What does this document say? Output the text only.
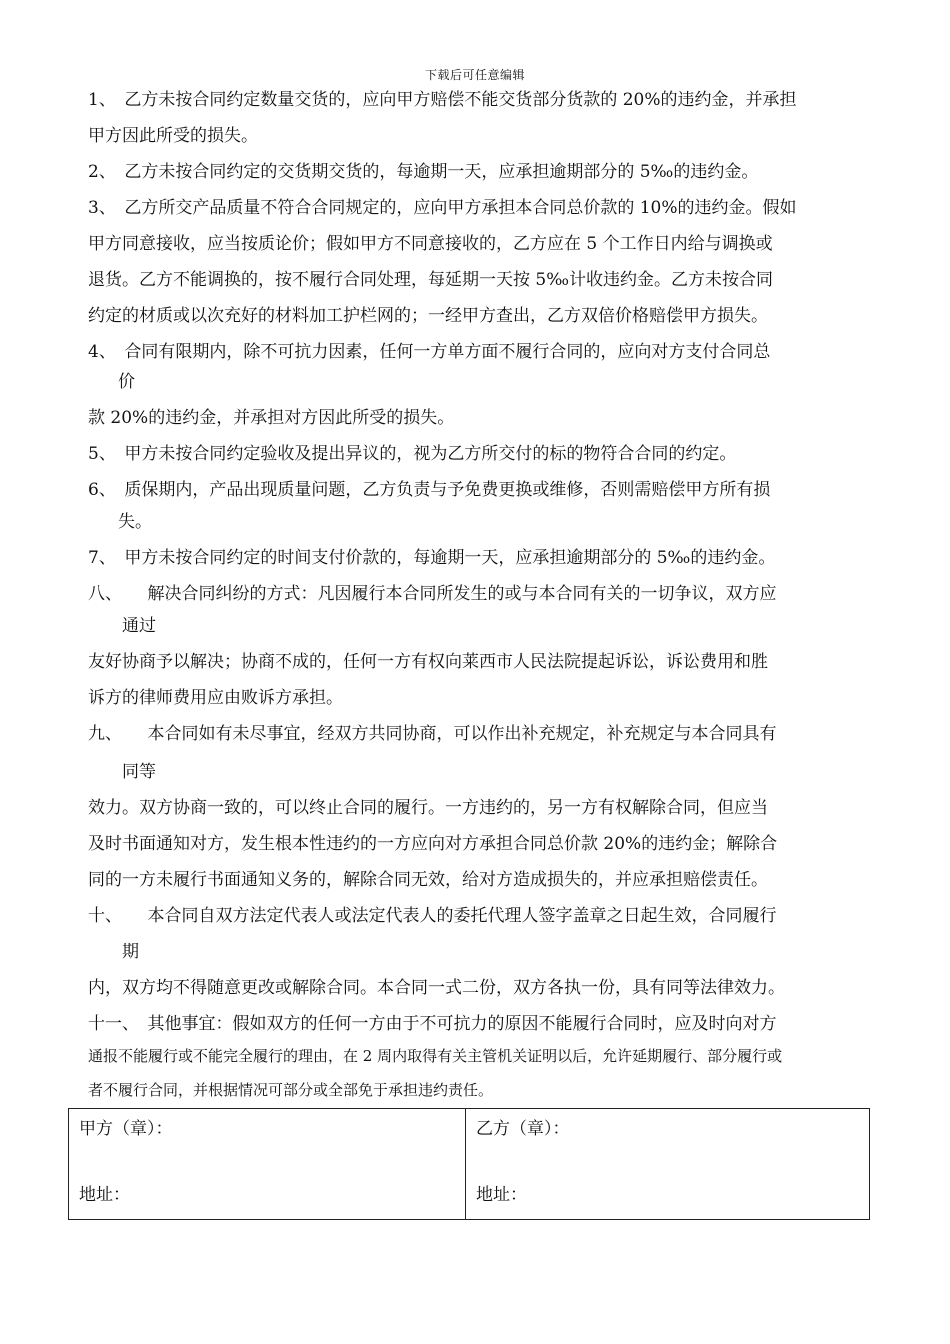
下载后可任意编辑
1、　乙方未按合同约定数量交货的，应向甲方赔偿不能交货部分货款的 20%的违约金，并承担
甲方因此所受的损失。
2、　乙方未按合同约定的交货期交货的，每逾期一天，应承担逾期部分的 5‰的违约金。
3、　乙方所交产品质量不符合合同规定的，应向甲方承担本合同总价款的 10%的违约金。假如
甲方同意接收，应当按质论价；假如甲方不同意接收的，乙方应在 5 个工作日内给与调换或
退货。乙方不能调换的，按不履行合同处理，每延期一天按 5‰计收违约金。乙方未按合同
约定的材质或以次充好的材料加工护栏网的；一经甲方查出，乙方双倍价格赔偿甲方损失。
4、　合同有限期内，除不可抗力因素，任何一方单方面不履行合同的，应向对方支付合同总
价
款 20%的违约金，并承担对方因此所受的损失。
5、　甲方未按合同约定验收及提出异议的，视为乙方所交付的标的物符合合同的约定。
6、　质保期内，产品出现质量问题，乙方负责与予免费更换或维修，否则需赔偿甲方所有损
失。
7、　甲方未按合同约定的时间支付价款的，每逾期一天，应承担逾期部分的 5‰的违约金。
八、　　解决合同纠纷的方式：凡因履行本合同所发生的或与本合同有关的一切争议，双方应
通过
友好协商予以解决；协商不成的，任何一方有权向莱西市人民法院提起诉讼，诉讼费用和胜
诉方的律师费用应由败诉方承担。
九、　　本合同如有未尽事宜，经双方共同协商，可以作出补充规定，补充规定与本合同具有
同等
效力。双方协商一致的，可以终止合同的履行。一方违约的，另一方有权解除合同，但应当
及时书面通知对方，发生根本性违约的一方应向对方承担合同总价款 20%的违约金；解除合
同的一方未履行书面通知义务的，解除合同无效，给对方造成损失的，并应承担赔偿责任。
十、　　本合同自双方法定代表人或法定代表人的委托代理人签字盖章之日起生效，合同履行
期
内，双方均不得随意更改或解除合同。本合同一式二份，双方各执一份，具有同等法律效力。
十一、　其他事宜：假如双方的任何一方由于不可抗力的原因不能履行合同时，应及时向对方
通报不能履行或不能完全履行的理由，在 2 周内取得有关主管机关证明以后，允许延期履行、部分履行或
者不履行合同，并根据情况可部分或全部免于承担违约责任。
甲方（章）：
地址：
乙方（章）：
地址：
